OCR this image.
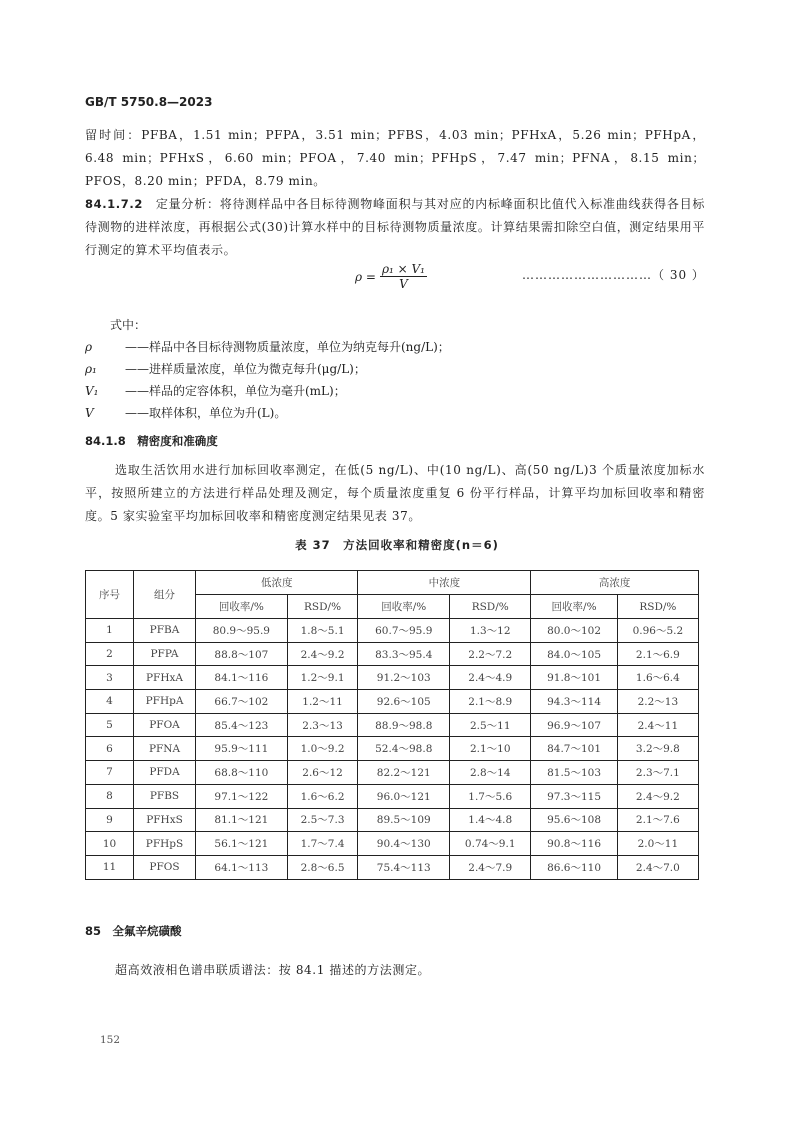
GB/T 5750.8—2023
留时间：PFBA，1.51 min；PFPA，3.51 min；PFBS，4.03 min；PFHxA，5.26 min；PFHpA，6.48 min；PFHxS，6.60 min；PFOA，7.40 min；PFHpS，7.47 min；PFNA，8.15 min；PFOS，8.20 min；PFDA，8.79 min。
84.1.7.2　 定量分析：将待测样品中各目标待测物峰面积与其对应的内标峰面积比值代入标准曲线获得各目标待测物的进样浓度，再根据公式(30)计算水样中的目标待测物质量浓度。计算结果需扣除空白值，测定结果用平行测定的算术平均值表示。
$\rho = \frac{\text{ρ₁ × V₁}}{V}$	…………………………（ 30 ）
式中：
ρ	——样品中各目标待测物质量浓度，单位为纳克每升(ng/L)；
ρ₁ ——进样质量浓度，单位为微克每升(μg/L)；
V₁ ——样品的定容体积，单位为毫升(mL)；
V	——取样体积，单位为升(L)。
84.1.8　精密度和准确度
选取生活饮用水进行加标回收率测定，在低(5 ng/L)、中(10 ng/L)、高(50 ng/L)3 个质量浓度加标水平，按照所建立的方法进行样品处理及测定，每个质量浓度重复 6 份平行样品，计算平均加标回收率和精密度。5 家实验室平均加标回收率和精密度测定结果见表 37。
表 37　方法回收率和精密度(n＝6)
序号	组分	低浓度		中浓度		高浓度	
		回收率/%	RSD/%	回收率/%	RSD/%	回收率/%	RSD/%
1	PFBA	80.9～95.9	1.8～5.1	60.7～95.9	1.3～12	80.0～102	0.96～5.2
2	PFPA	88.8～107	2.4～9.2	83.3～95.4	2.2～7.2	84.0～105	2.1～6.9
3	PFHxA	84.1～116	1.2～9.1	91.2～103	2.4～4.9	91.8～101	1.6～6.4
4	PFHpA	66.7～102	1.2～11	92.6～105	2.1～8.9	94.3～114	2.2～13
5	PFOA	85.4～123	2.3～13	88.9～98.8	2.5～11	96.9～107	2.4～11
6	PFNA	95.9～111	1.0～9.2	52.4～98.8	2.1～10	84.7～101	3.2～9.8
7	PFDA	68.8～110	2.6～12	82.2～121	2.8～14	81.5～103	2.3～7.1
8	PFBS	97.1～122	1.6～6.2	96.0～121	1.7～5.6	97.3～115	2.4～9.2
9	PFHxS	81.1～121	2.5～7.3	89.5～109	1.4～4.8	95.6～108	2.1～7.6
10	PFHpS	56.1～121	1.7～7.4	90.4～130	0.74～9.1	90.8～116	2.0～11
11	PFOS	64.1～113	2.8～6.5	75.4～113	2.4～7.9	86.6～110	2.4～7.0
85　全氟辛烷磺酸
超高效液相色谱串联质谱法：按 84.1 描述的方法测定。
152
